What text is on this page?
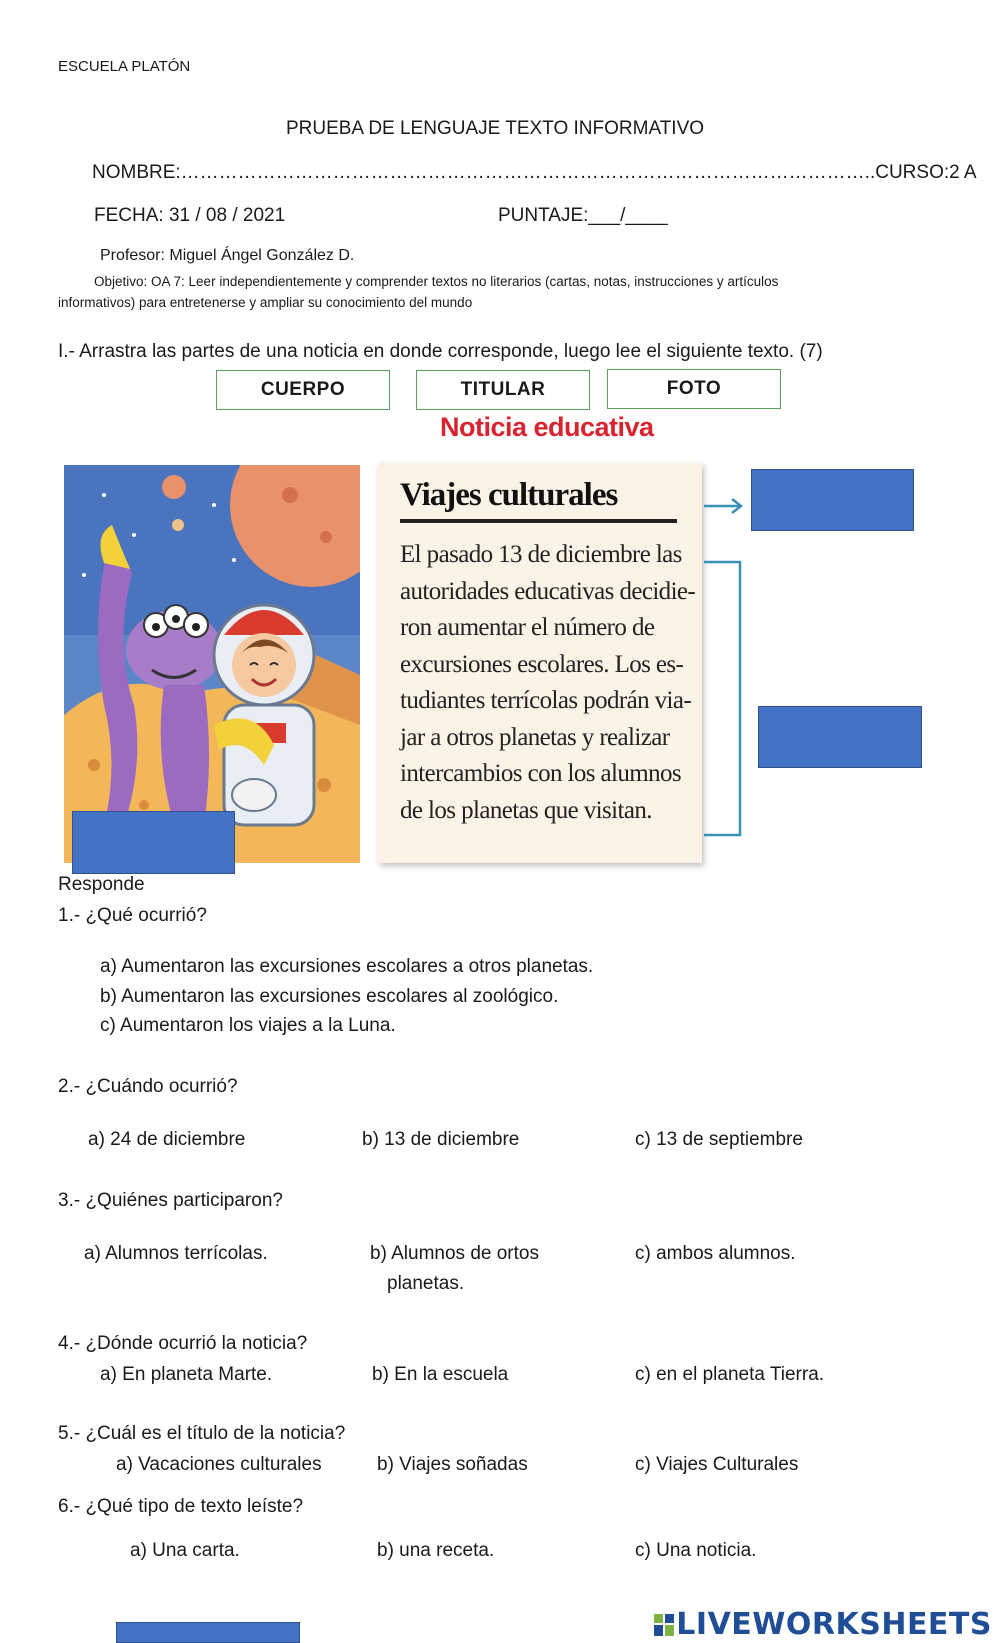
ESCUELA PLATÓN
PRUEBA DE LENGUAJE TEXTO INFORMATIVO
NOMBRE:………………………………………………………………………………………………..CURSO:2 A
FECHA: 31 / 08 / 2021	PUNTAJE:___/____
Profesor: Miguel Ángel González D.
Objetivo: OA 7: Leer independientemente y comprender textos no literarios (cartas, notas, instrucciones y artículos
informativos) para entretenerse y ampliar su conocimiento del mundo
I.- Arrastra las partes de una noticia en donde corresponde, luego lee el siguiente texto. (7)
CUERPO	TITULAR	FOTO
Noticia educativa
Viajes culturales
El pasado 13 de diciembre las
autoridades educativas decidie-
ron aumentar el número de
excursiones escolares. Los es-
tudiantes terrícolas podrán via-
jar a otros planetas y realizar
intercambios con los alumnos
de los planetas que visitan.
Responde
1.- ¿Qué ocurrió?
a) Aumentaron las excursiones escolares a otros planetas.
b) Aumentaron las excursiones escolares al zoológico.
c) Aumentaron los viajes a la Luna.
2.- ¿Cuándo ocurrió?
a) 24 de diciembre	b) 13 de diciembre	c) 13 de septiembre
3.- ¿Quiénes participaron?
a) Alumnos terrícolas.	b) Alumnos de ortos
planetas.
c) ambos alumnos.
4.- ¿Dónde ocurrió la noticia?
a) En planeta Marte.	b) En la escuela	c) en el planeta Tierra.
5.- ¿Cuál es el título de la noticia?
a) Vacaciones culturales	b) Viajes soñadas	c) Viajes Culturales
6.- ¿Qué tipo de texto leíste?
a) Una carta.	b) una receta.	c) Una noticia.
LIVEWORKSHEETS
